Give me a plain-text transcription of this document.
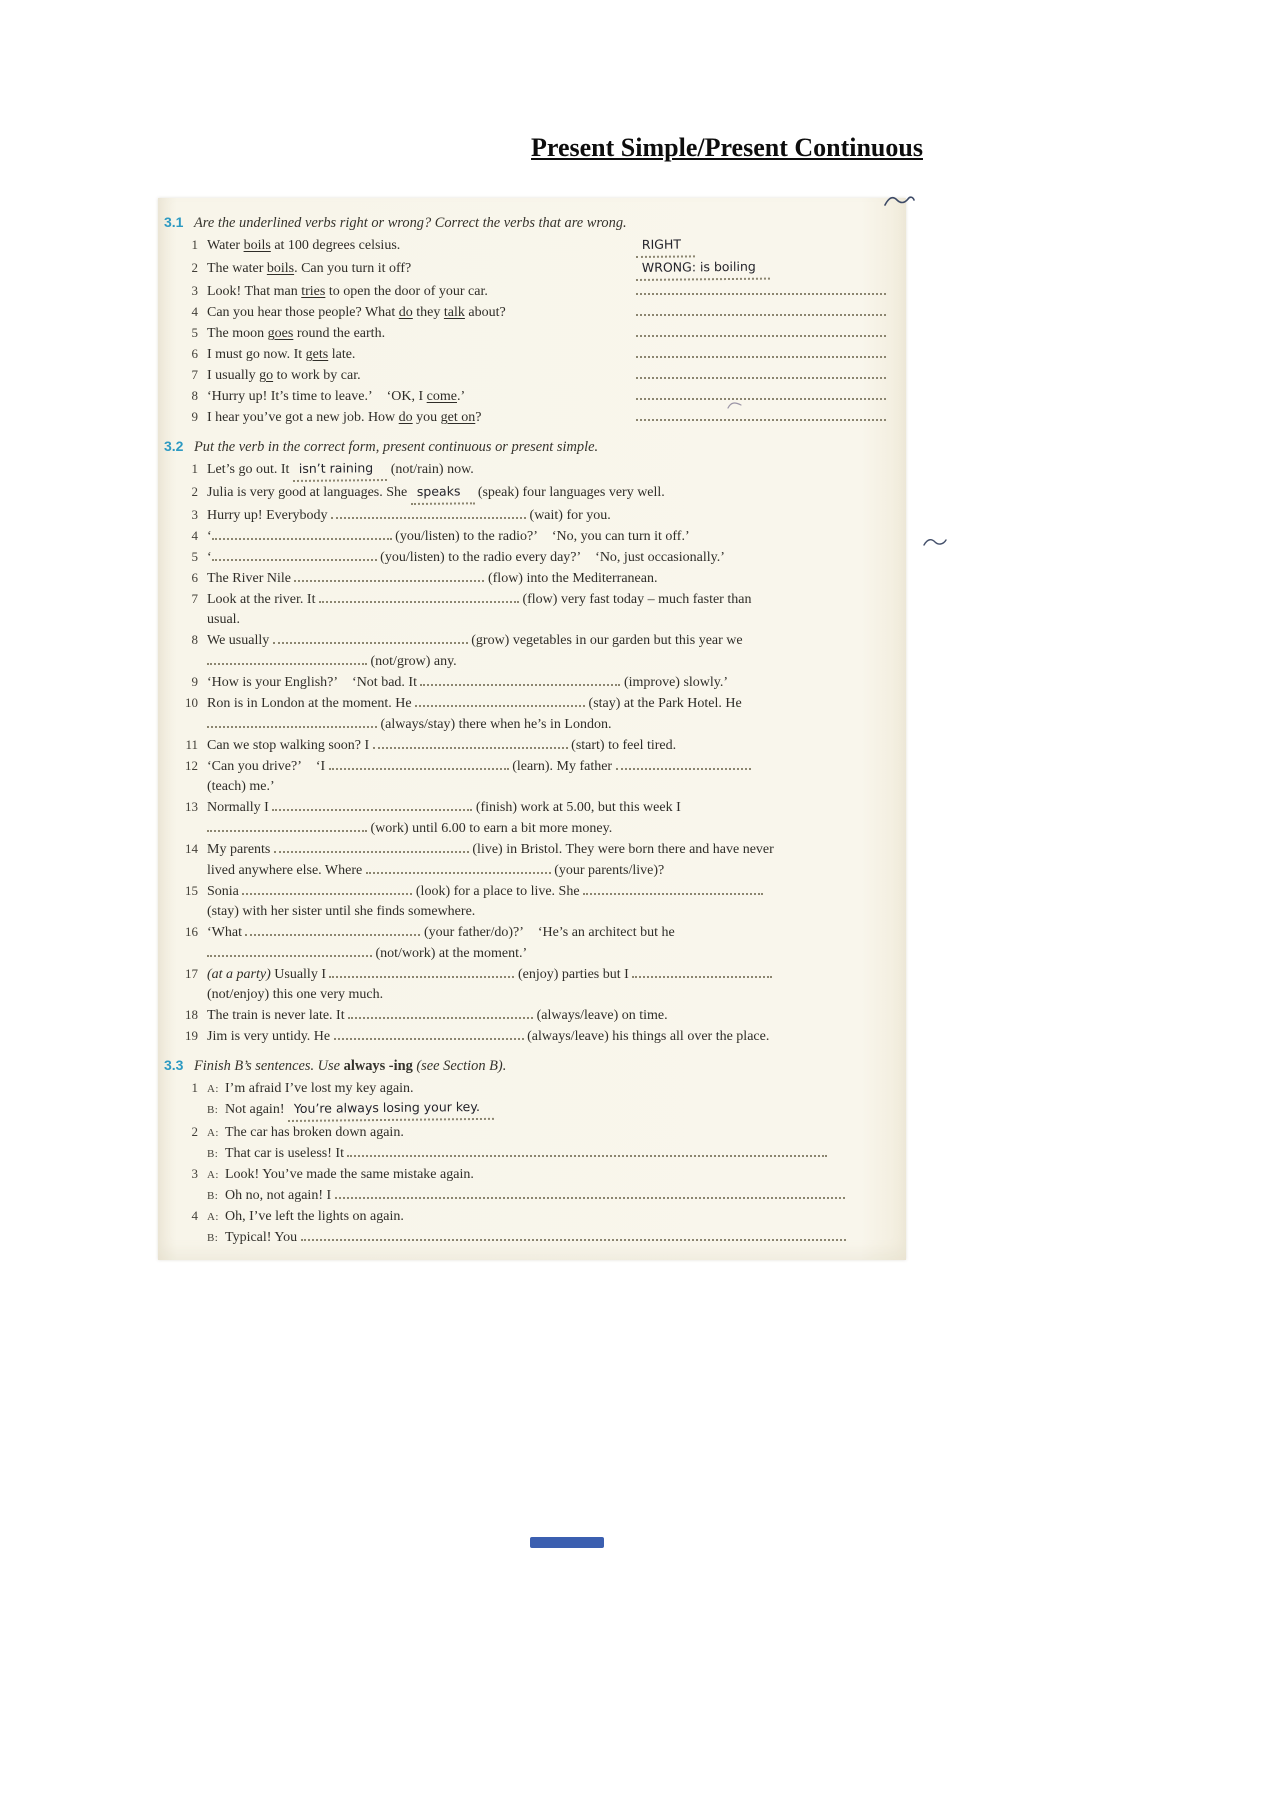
Present Simple/Present Continuous
3.1 Are the underlined verbs right or wrong? Correct the verbs that are wrong.
1 Water boils at 100 degrees celsius.	RIGHT
2 The water boils. Can you turn it off?	WRONG: is boiling
3 Look! That man tries to open the door of your car.
4 Can you hear those people? What do they talk about?
5 The moon goes round the earth.
6 I must go now. It gets late.
7 I usually go to work by car.
8 ‘Hurry up! It’s time to leave.’ ‘OK, I come.’
9 I hear you’ve got a new job. How do you get on?
3.2 Put the verb in the correct form, present continuous or present simple.
1 Let’s go out. It isn’t raining (not/rain) now.
2 Julia is very good at languages. She speaks (speak) four languages very well.
3 Hurry up! Everybody	(wait) for you.
4 ‘	(you/listen) to the radio?’ ‘No, you can turn it off.’
5 ‘	(you/listen) to the radio every day?’ ‘No, just occasionally.’
6 The River Nile	(flow) into the Mediterranean.
7 Look at the river. It	(flow) very fast today – much faster than
usual.
8 We usually	(grow) vegetables in our garden but this year we
(not/grow) any.
9 ‘How is your English?’ ‘Not bad. It	(improve) slowly.’
10 Ron is in London at the moment. He	(stay) at the Park Hotel. He
(always/stay) there when he’s in London.
11 Can we stop walking soon? I	(start) to feel tired.
12 ‘Can you drive?’ ‘I	(learn). My father
(teach) me.’
13 Normally I	(finish) work at 5.00, but this week I
(work) until 6.00 to earn a bit more money.
14 My parents	(live) in Bristol. They were born there and have never
lived anywhere else. Where	(your parents/live)?
15 Sonia	(look) for a place to live. She
(stay) with her sister until she finds somewhere.
16 ‘What	(your father/do)?’ ‘He’s an architect but he
(not/work) at the moment.’
17 (at a party) Usually I	(enjoy) parties but I
(not/enjoy) this one very much.
18 The train is never late. It	(always/leave) on time.
19 Jim is very untidy. He	(always/leave) his things all over the place.
3.3 Finish B’s sentences. Use always -ing (see Section B).
1 A: I’m afraid I’ve lost my key again.
B: Not again! You’re always losing your key.
2 A: The car has broken down again.
B: That car is useless! It
3 A: Look! You’ve made the same mistake again.
B: Oh no, not again! I
4 A: Oh, I’ve left the lights on again.
B: Typical! You
